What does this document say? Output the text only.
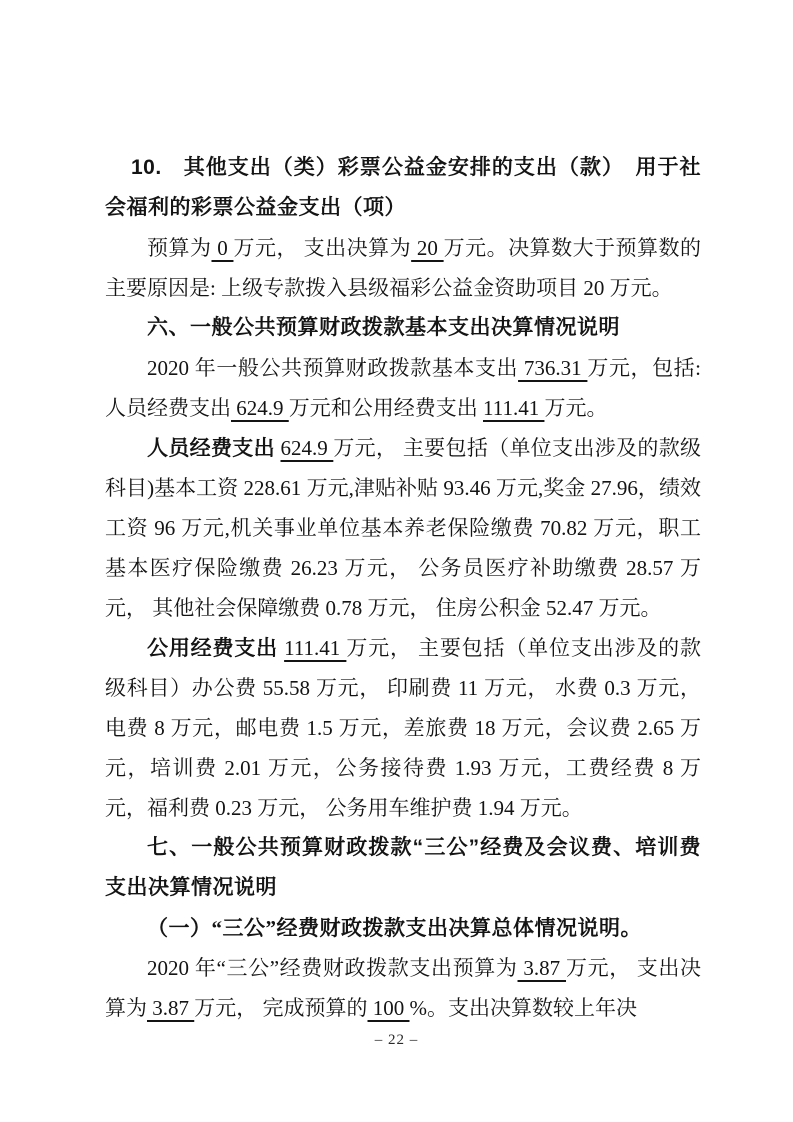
10. 其他支出（类）彩票公益金安排的支出（款） 用于社会福利的彩票公益金支出（项）

预算为 0 万元， 支出决算为 20 万元。决算数大于预算数的主要原因是: 上级专款拨入县级福彩公益金资助项目 20 万元。

六、一般公共预算财政拨款基本支出决算情况说明

2020 年一般公共预算财政拨款基本支出 736.31 万元，包括: 人员经费支出 624.9 万元和公用经费支出 111.41 万元。

人员经费支出 624.9 万元， 主要包括（单位支出涉及的款级科目)基本工资 228.61 万元,津贴补贴 93.46 万元,奖金 27.96，绩效工资 96 万元,机关事业单位基本养老保险缴费 70.82 万元，职工基本医疗保险缴费 26.23 万元， 公务员医疗补助缴费 28.57 万元， 其他社会保障缴费 0.78 万元， 住房公积金 52.47 万元。

公用经费支出 111.41 万元， 主要包括（单位支出涉及的款级科目）办公费 55.58 万元， 印刷费 11 万元， 水费 0.3 万元，电费 8 万元，邮电费 1.5 万元，差旅费 18 万元，会议费 2.65 万元，培训费 2.01 万元，公务接待费 1.93 万元，工费经费 8 万元，福利费 0.23 万元， 公务用车维护费 1.94 万元。

七、一般公共预算财政拨款“三公”经费及会议费、培训费支出决算情况说明

（一）“三公”经费财政拨款支出决算总体情况说明。

2020 年“三公”经费财政拨款支出预算为 3.87 万元， 支出决算为 3.87 万元， 完成预算的 100 %。支出决算数较上年决

– 22 –
